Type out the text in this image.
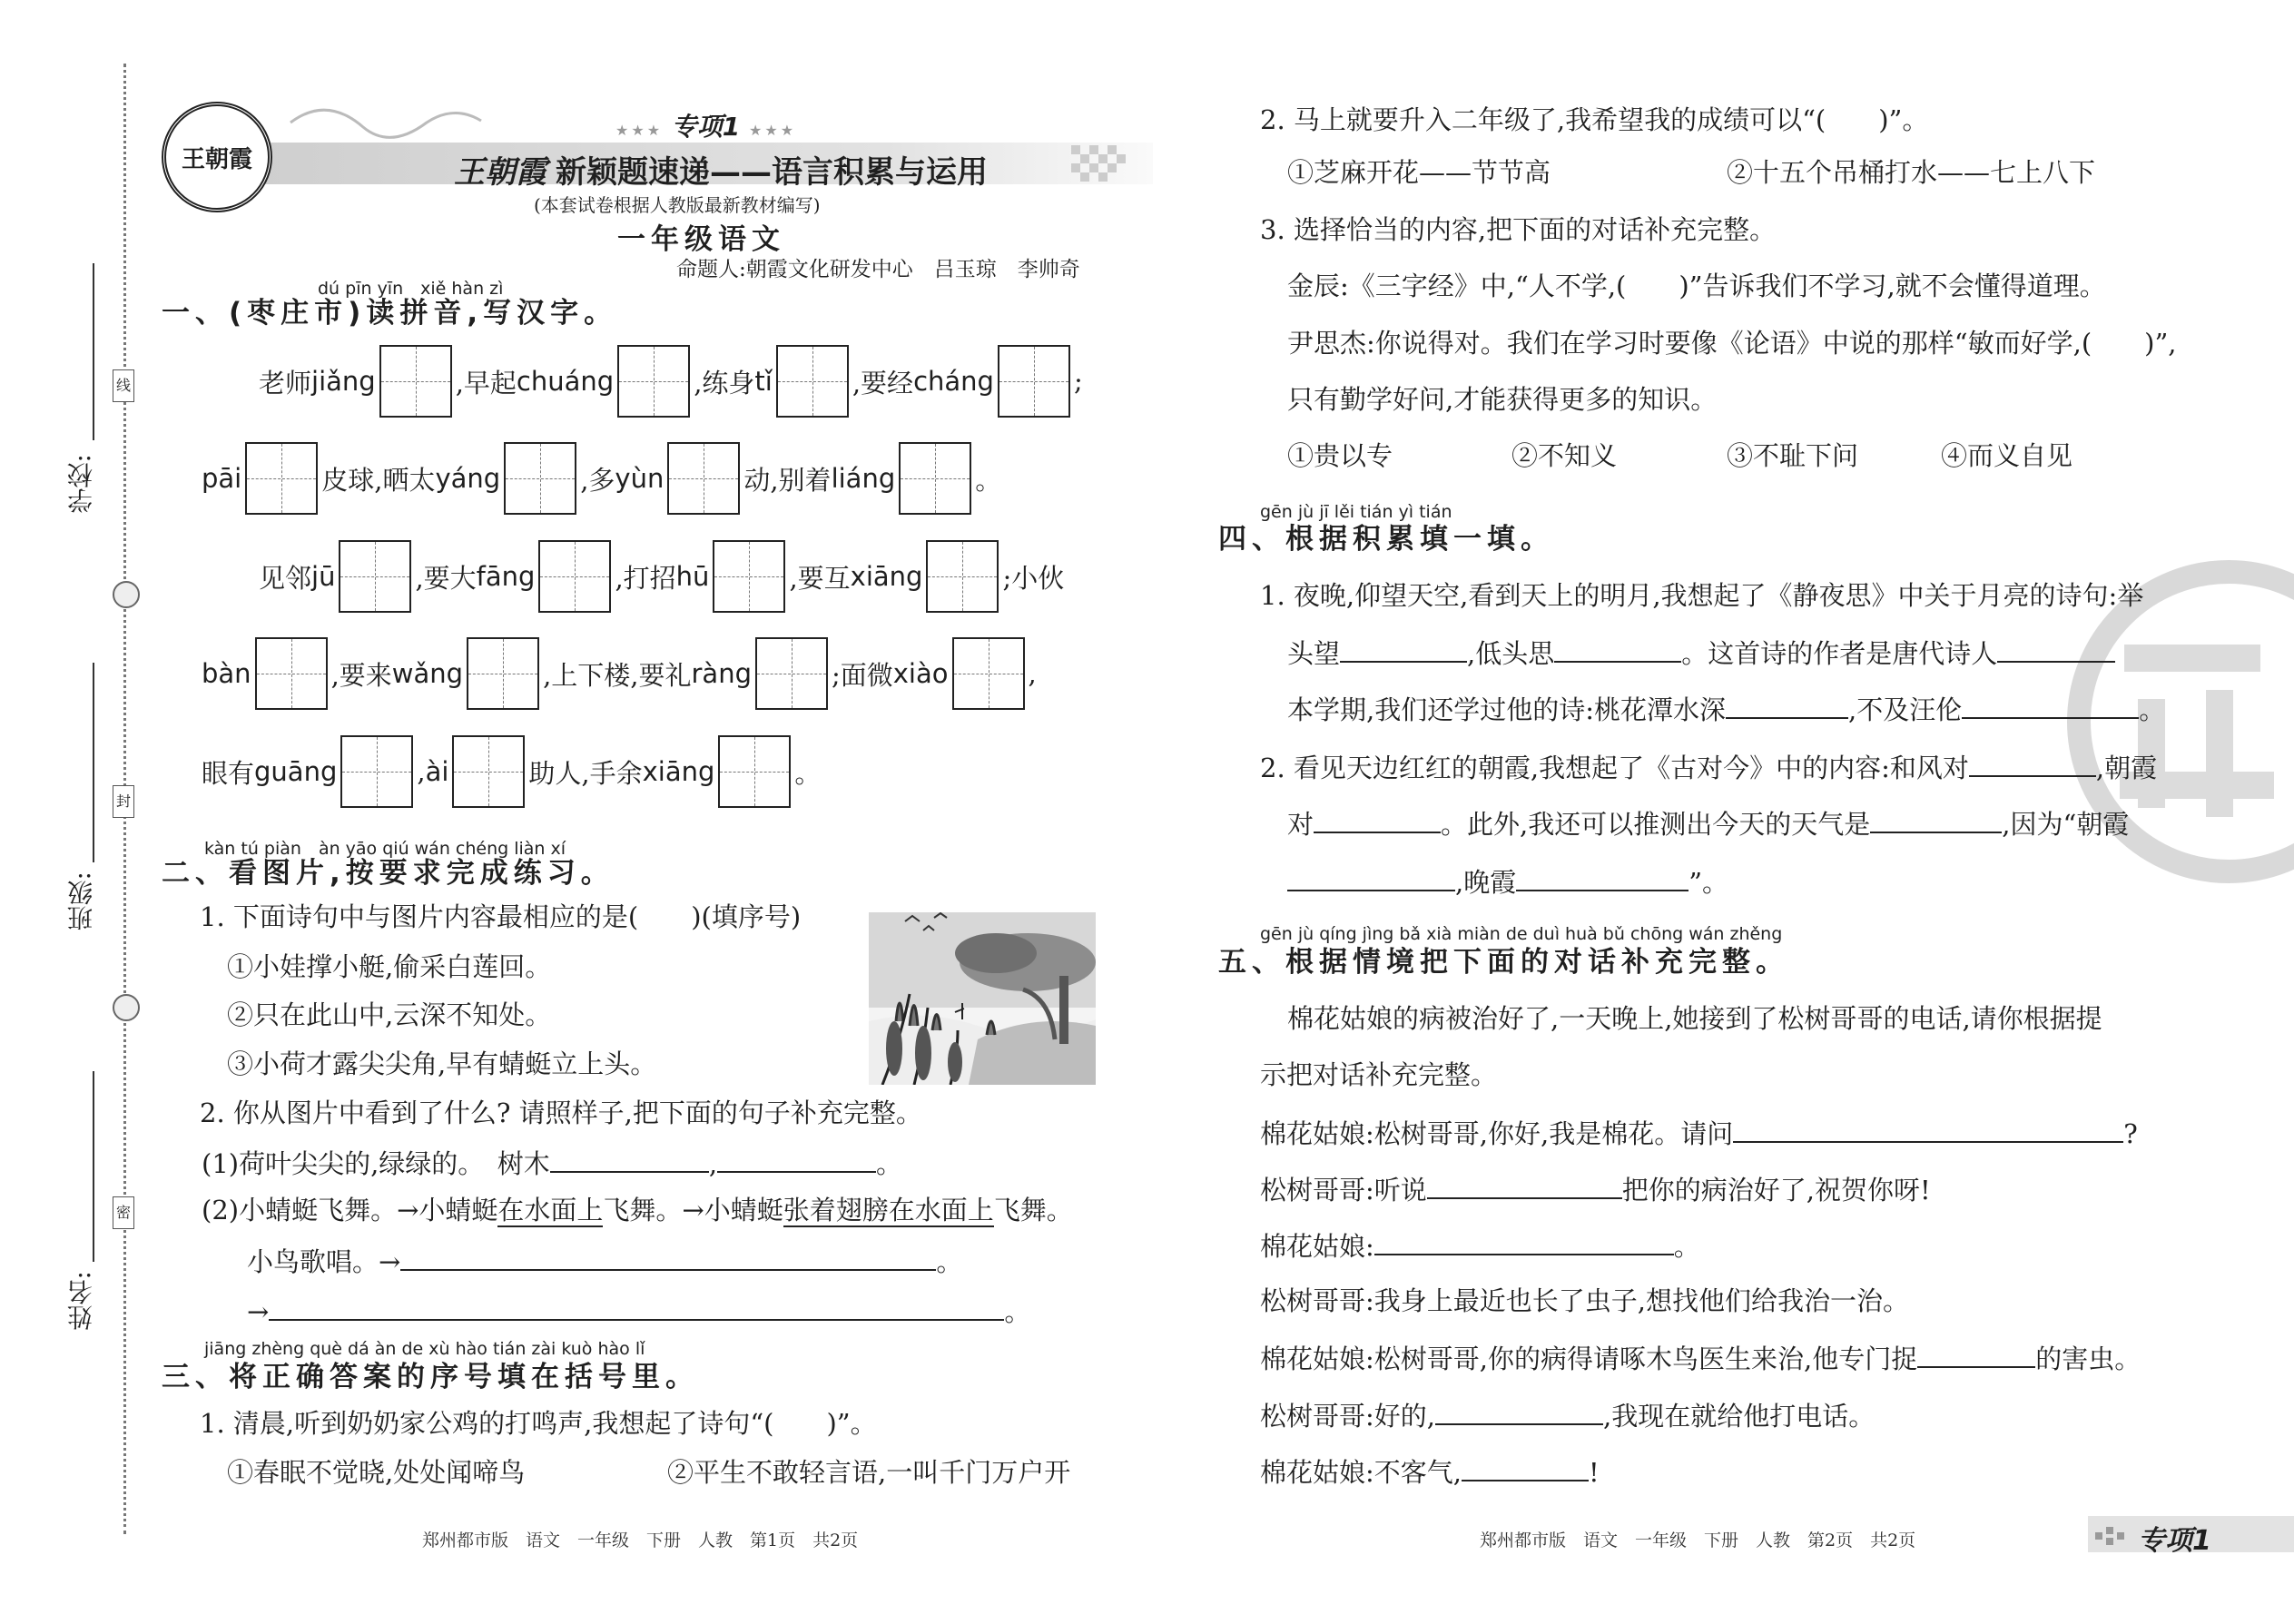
学校:
班级:
姓名:
线
封
密
王朝霞
★★★ 专项1 ★★★
王朝霞 新颖题速递——语言积累与运用
(本套试卷根据人教版最新教材编写)
一年级语文
命题人:朝霞文化研发中心　吕玉琼　李帅奇
dú pīn yīn　xiě hàn zì
一、(枣庄市)读拼音,写汉字。
老师 jiǎng	,早起 chuáng	,练身 tǐ	,要经 cháng	;
pāi	皮球,晒太 yáng	,多 yùn	动,别着 liáng	。
见邻 jū	,要大 fāng	,打招 hū	,要互 xiāng	;小伙
bàn	,要来 wǎng	,上下楼,要礼 ràng	;面微 xiào	,
眼有 guāng	, ài	助人,手余 xiāng	。
kàn tú piàn　àn yāo qiú wán chéng liàn xí
二、看图片,按要求完成练习。
1. 下面诗句中与图片内容最相应的是(　　)(填序号)
①小娃撑小艇,偷采白莲回。
②只在此山中,云深不知处。
③小荷才露尖尖角,早有蜻蜓立上头。
2. 你从图片中看到了什么? 请照样子,把下面的句子补充完整。
(1)荷叶尖尖的,绿绿的。　树木	,	。
(2)小蜻蜓飞舞。→小蜻蜓在水面上飞舞。→小蜻蜓张着翅膀在水面上飞舞。
小鸟歌唱。→	。
→	。
jiāng zhèng què dá àn de xù hào tián zài kuò hào lǐ
三、将正确答案的序号填在括号里。
1. 清晨,听到奶奶家公鸡的打鸣声,我想起了诗句“(　　)”。
①春眠不觉晓,处处闻啼鸟	②平生不敢轻言语,一叫千门万户开
郑州都市版　语文　一年级　下册　人教　第1页　共2页
2. 马上就要升入二年级了,我希望我的成绩可以“(　　)”。
①芝麻开花——节节高	②十五个吊桶打水——七上八下
3. 选择恰当的内容,把下面的对话补充完整。
金辰:《三字经》中,“人不学,(　　)”告诉我们不学习,就不会懂得道理。
尹思杰:你说得对。我们在学习时要像《论语》中说的那样“敏而好学,(　　)”,
只有勤学好问,才能获得更多的知识。
①贵以专	②不知义	③不耻下问	④而义自见
gēn jù jī lěi tián yì tián
四、根据积累填一填。
1. 夜晚,仰望天空,看到天上的明月,我想起了《静夜思》中关于月亮的诗句:举
头望	,低头思	。这首诗的作者是唐代诗人
本学期,我们还学过他的诗:桃花潭水深	,不及汪伦	。
2. 看见天边红红的朝霞,我想起了《古对今》中的内容:和风对	,朝霞
对	。此外,我还可以推测出今天的天气是	,因为“朝霞
,晚霞	”。
gēn jù qíng jìng bǎ xià miàn de duì huà bǔ chōng wán zhěng
五、根据情境把下面的对话补充完整。
棉花姑娘的病被治好了,一天晚上,她接到了松树哥哥的电话,请你根据提
示把对话补充完整。
棉花姑娘:松树哥哥,你好,我是棉花。请问	?
松树哥哥:听说	把你的病治好了,祝贺你呀!
棉花姑娘:	。
松树哥哥:我身上最近也长了虫子,想找他们给我治一治。
棉花姑娘:松树哥哥,你的病得请啄木鸟医生来治,他专门捉	的害虫。
松树哥哥:好的,	,我现在就给他打电话。
棉花姑娘:不客气,	!
郑州都市版　语文　一年级　下册　人教　第2页　共2页	专项1
